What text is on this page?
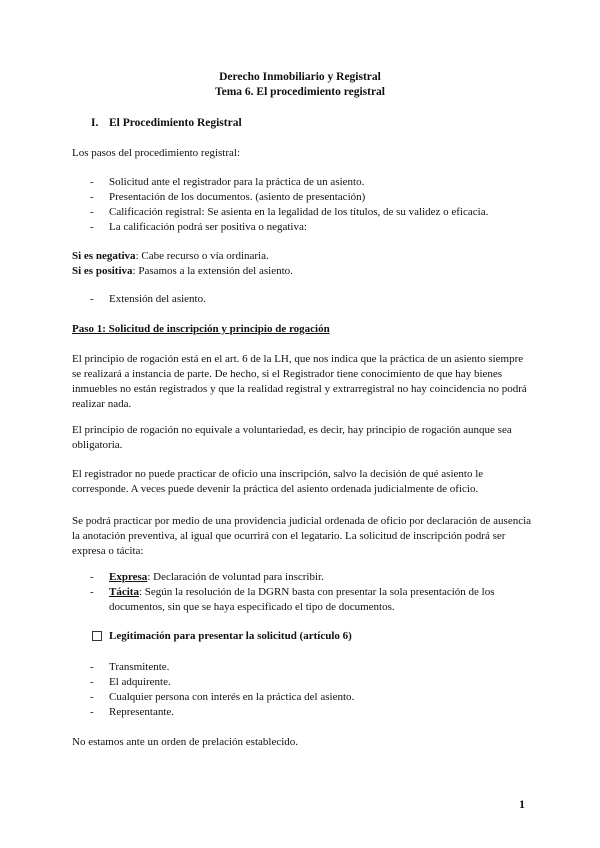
Derecho Inmobiliario y Registral
Tema 6. El procedimiento registral
I. El Procedimiento Registral
Los pasos del procedimiento registral:
- Solicitud ante el registrador para la práctica de un asiento.
- Presentación de los documentos. (asiento de presentación)
- Calificación registral: Se asienta en la legalidad de los títulos, de su validez o eficacia.
- La calificación podrá ser positiva o negativa:
Si es negativa: Cabe recurso o vía ordinaria.
Si es positiva: Pasamos a la extensión del asiento.
- Extensión del asiento.
Paso 1: Solicitud de inscripción y principio de rogación
El principio de rogación está en el art. 6 de la LH, que nos indica que la práctica de un asiento siempre se realizará a instancia de parte. De hecho, si el Registrador tiene conocimiento de que hay bienes inmuebles no están registrados y que la realidad registral y extrarregistral no hay coincidencia no podrá realizar nada.
El principio de rogación no equivale a voluntariedad, es decir, hay principio de rogación aunque sea obligatoria.
El registrador no puede practicar de oficio una inscripción, salvo la decisión de qué asiento le corresponde. A veces puede devenir la práctica del asiento ordenada judicialmente de oficio.
Se podrá practicar por medio de una providencia judicial ordenada de oficio por declaración de ausencia la anotación preventiva, al igual que ocurrirá con el legatario. La solicitud de inscripción podrá ser expresa o tácita:
- Expresa: Declaración de voluntad para inscribir.
- Tácita: Según la resolución de la DGRN basta con presentar la sola presentación de los documentos, sin que se haya especificado el tipo de documentos.
Legitimación para presentar la solicitud (artículo 6)
- Transmitente.
- El adquirente.
- Cualquier persona con interés en la práctica del asiento.
- Representante.
No estamos ante un orden de prelación establecido.
1
